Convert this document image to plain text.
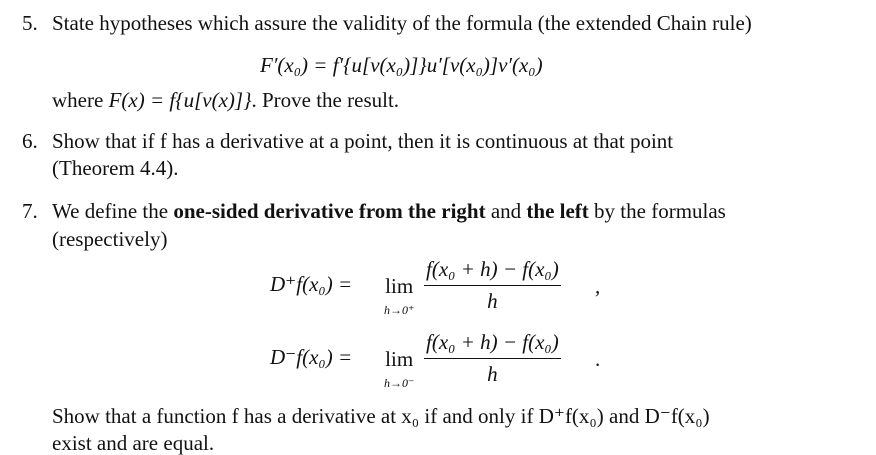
5. State hypotheses which assure the validity of the formula (the extended Chain rule)
F′(x₀) = f′{u[v(x₀)]}u′[v(x₀)]v′(x₀)
where F(x) = f{u[v(x)]}. Prove the result.
6. Show that if f has a derivative at a point, then it is continuous at that point
(Theorem 4.4).
7. We define the one-sided derivative from the right and the left by the formulas
(respectively)
D⁺f(x₀) = lim
h→0⁺
f(x₀ + h) − f(x₀)
h
,
D⁻f(x₀) = lim
h→0⁻
f(x₀ + h) − f(x₀)
h
.
Show that a function f has a derivative at x₀ if and only if D⁺f(x₀) and D⁻f(x₀)
exist and are equal.
